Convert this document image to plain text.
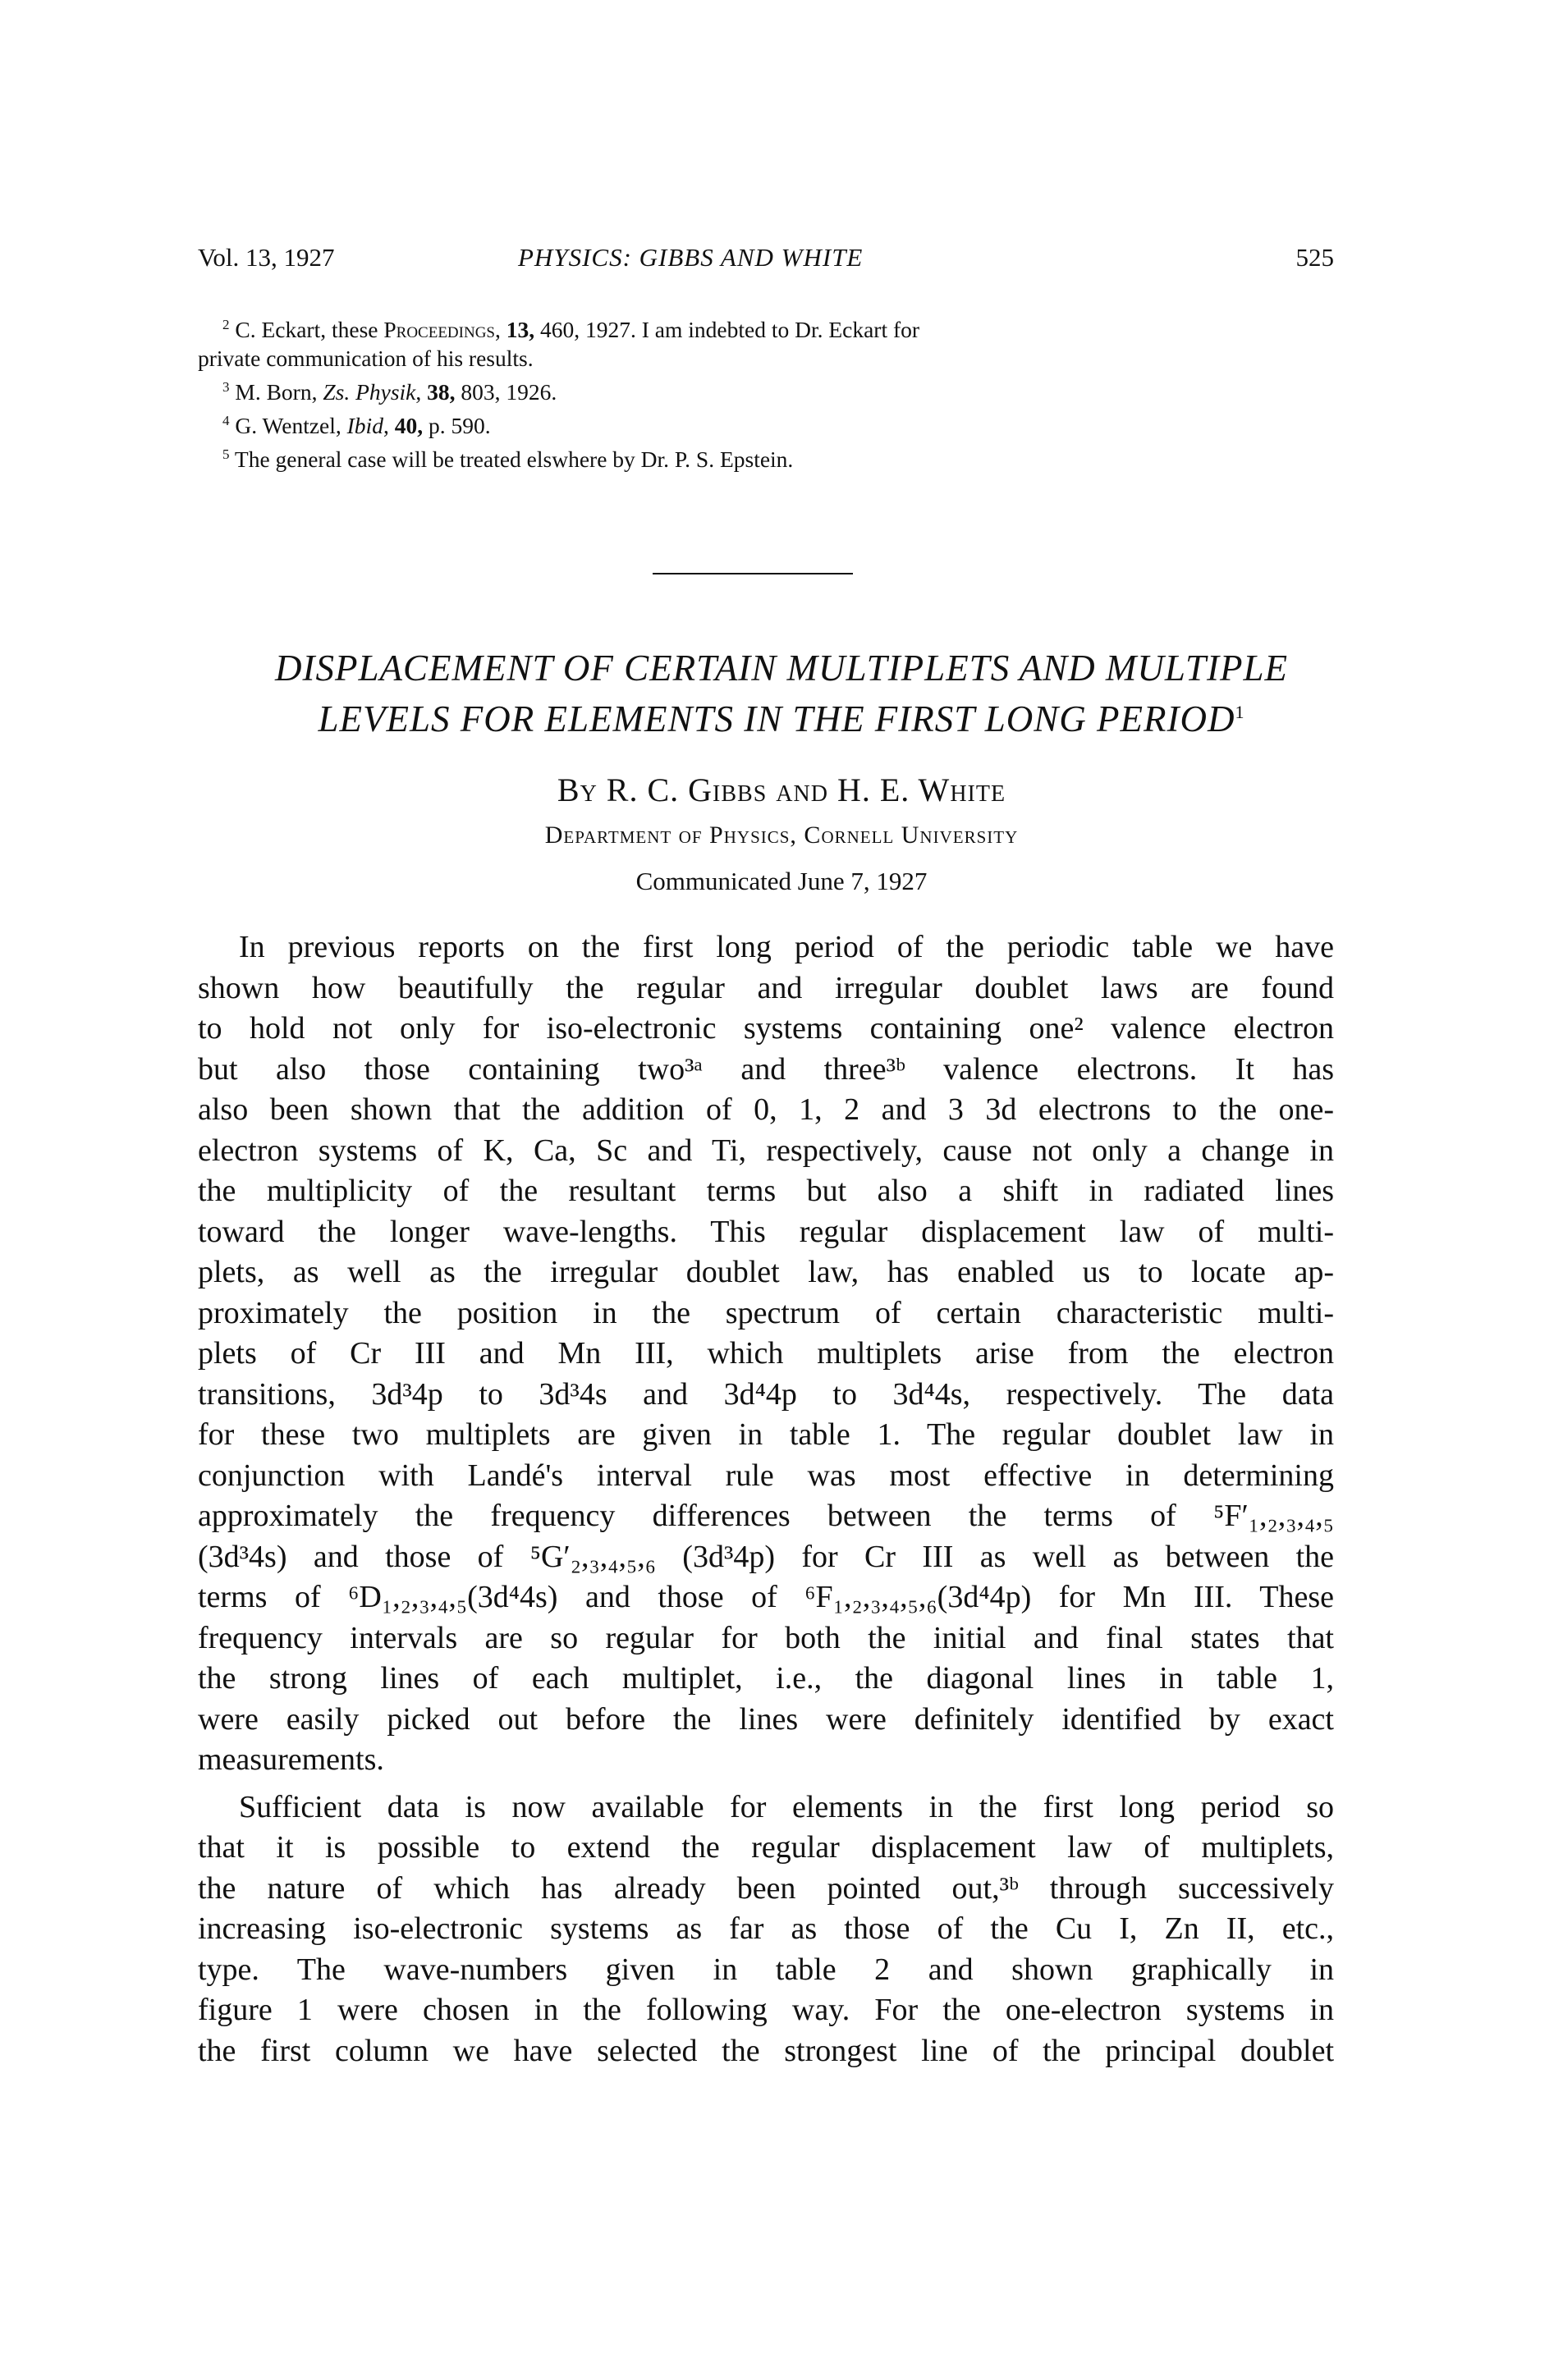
Vol. 13, 1927	PHYSICS: GIBBS AND WHITE	525

$^2$ C. Eckart, these Proceedings, 13, 460, 1927. I am indebted to Dr. Eckart for

private communication of his results.

$^3$ M. Born, Zs. Physik, 38, 803, 1926.

$^4$ G. Wentzel, Ibid, 40, p. 590.

$^5$ The general case will be treated elswhere by Dr. P. S. Epstein.

DISPLACEMENT OF CERTAIN MULTIPLETS AND MULTIPLE
LEVELS FOR ELEMENTS IN THE FIRST LONG PERIOD$^1$
By R. C. Gibbs and H. E. White
Department of Physics, Cornell University
Communicated June 7, 1927
In previous reports on the first long period of the periodic table we have
shown how beautifully the regular and irregular doublet laws are found
to hold not only for iso-electronic systems containing one² valence electron
but also those containing two³ᵃ and three³ᵇ valence electrons. It has
also been shown that the addition of 0, 1, 2 and 3 3d electrons to the one-
electron systems of K, Ca, Sc and Ti, respectively, cause not only a change in
the multiplicity of the resultant terms but also a shift in radiated lines
toward the longer wave-lengths. This regular displacement law of multi-
plets, as well as the irregular doublet law, has enabled us to locate ap-
proximately the position in the spectrum of certain characteristic multi-
plets of Cr III and Mn III, which multiplets arise from the electron
transitions, 3d³4p to 3d³4s and 3d⁴4p to 3d⁴4s, respectively. The data
for these two multiplets are given in table 1. The regular doublet law in
conjunction with Landé's interval rule was most effective in determining
approximately the frequency differences between the terms of ⁵F′₁,₂,₃,₄,₅
(3d³4s) and those of ⁵G′₂,₃,₄,₅,₆ (3d³4p) for Cr III as well as between the
terms of ⁶D₁,₂,₃,₄,₅(3d⁴4s) and those of ⁶F₁,₂,₃,₄,₅,₆(3d⁴4p) for Mn III. These
frequency intervals are so regular for both the initial and final states that
the strong lines of each multiplet, i.e., the diagonal lines in table 1,
were easily picked out before the lines were definitely identified by exact
measurements.
Sufficient data is now available for elements in the first long period so
that it is possible to extend the regular displacement law of multiplets,
the nature of which has already been pointed out,³ᵇ through successively
increasing iso-electronic systems as far as those of the Cu I, Zn II, etc.,
type. The wave-numbers given in table 2 and shown graphically in
figure 1 were chosen in the following way. For the one-electron systems in
the first column we have selected the strongest line of the principal doublet
